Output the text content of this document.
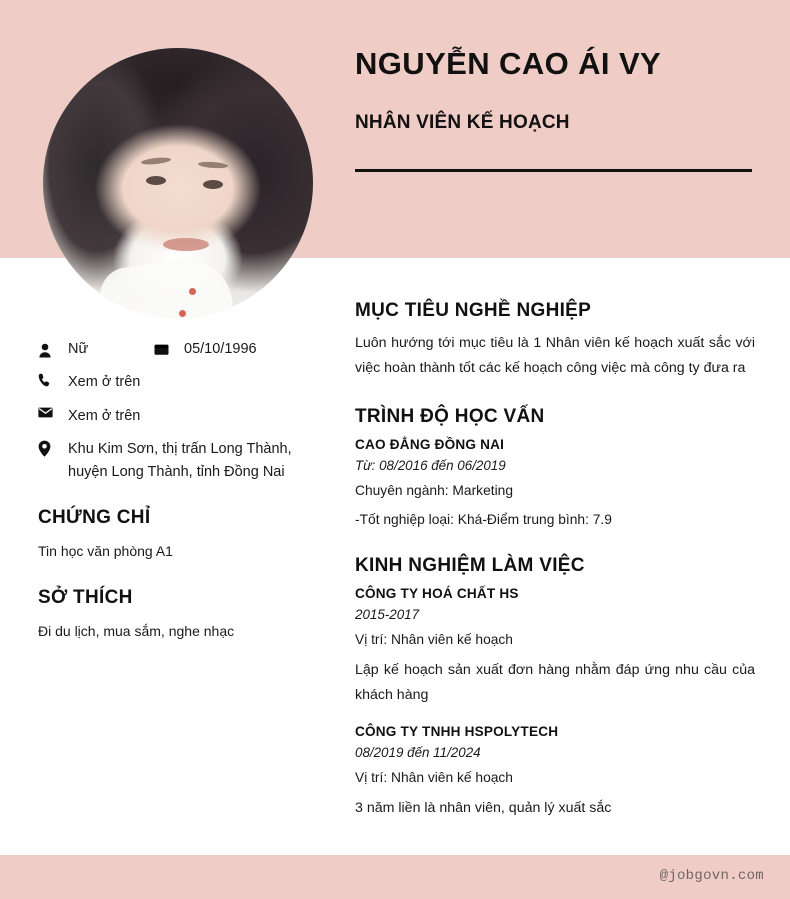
NGUYỄN CAO ÁI VY
NHÂN VIÊN KẾ HOẠCH
Nữ	05/10/1996
Xem ở trên
Xem ở trên
Khu Kim Sơn, thị trấn Long Thành, huyện Long Thành, tỉnh Đồng Nai
CHỨNG CHỈ

Tin học văn phòng A1

SỞ THÍCH

Đi du lịch, mua sắm, nghe nhạc

MỤC TIÊU NGHỀ NGHIỆP

Luôn hướng tới mục tiêu là 1 Nhân viên kế hoạch xuất sắc với việc hoàn thành tốt các kế hoạch công việc mà công ty đưa ra

TRÌNH ĐỘ HỌC VẤN
CAO ĐẲNG ĐỒNG NAI
Từ: 08/2016 đến 06/2019
Chuyên ngành: Marketing
-Tốt nghiệp loại: Khá-Điểm trung bình: 7.9
KINH NGHIỆM LÀM VIỆC
CÔNG TY HOÁ CHẤT HS
2015-2017
Vị trí: Nhân viên kế hoạch
Lập kế hoạch sản xuất đơn hàng nhằm đáp ứng nhu cầu của khách hàng
CÔNG TY TNHH HSPOLYTECH
08/2019 đến 11/2024
Vị trí: Nhân viên kế hoạch
3 năm liền là nhân viên, quản lý xuất sắc
@jobgovn.com
